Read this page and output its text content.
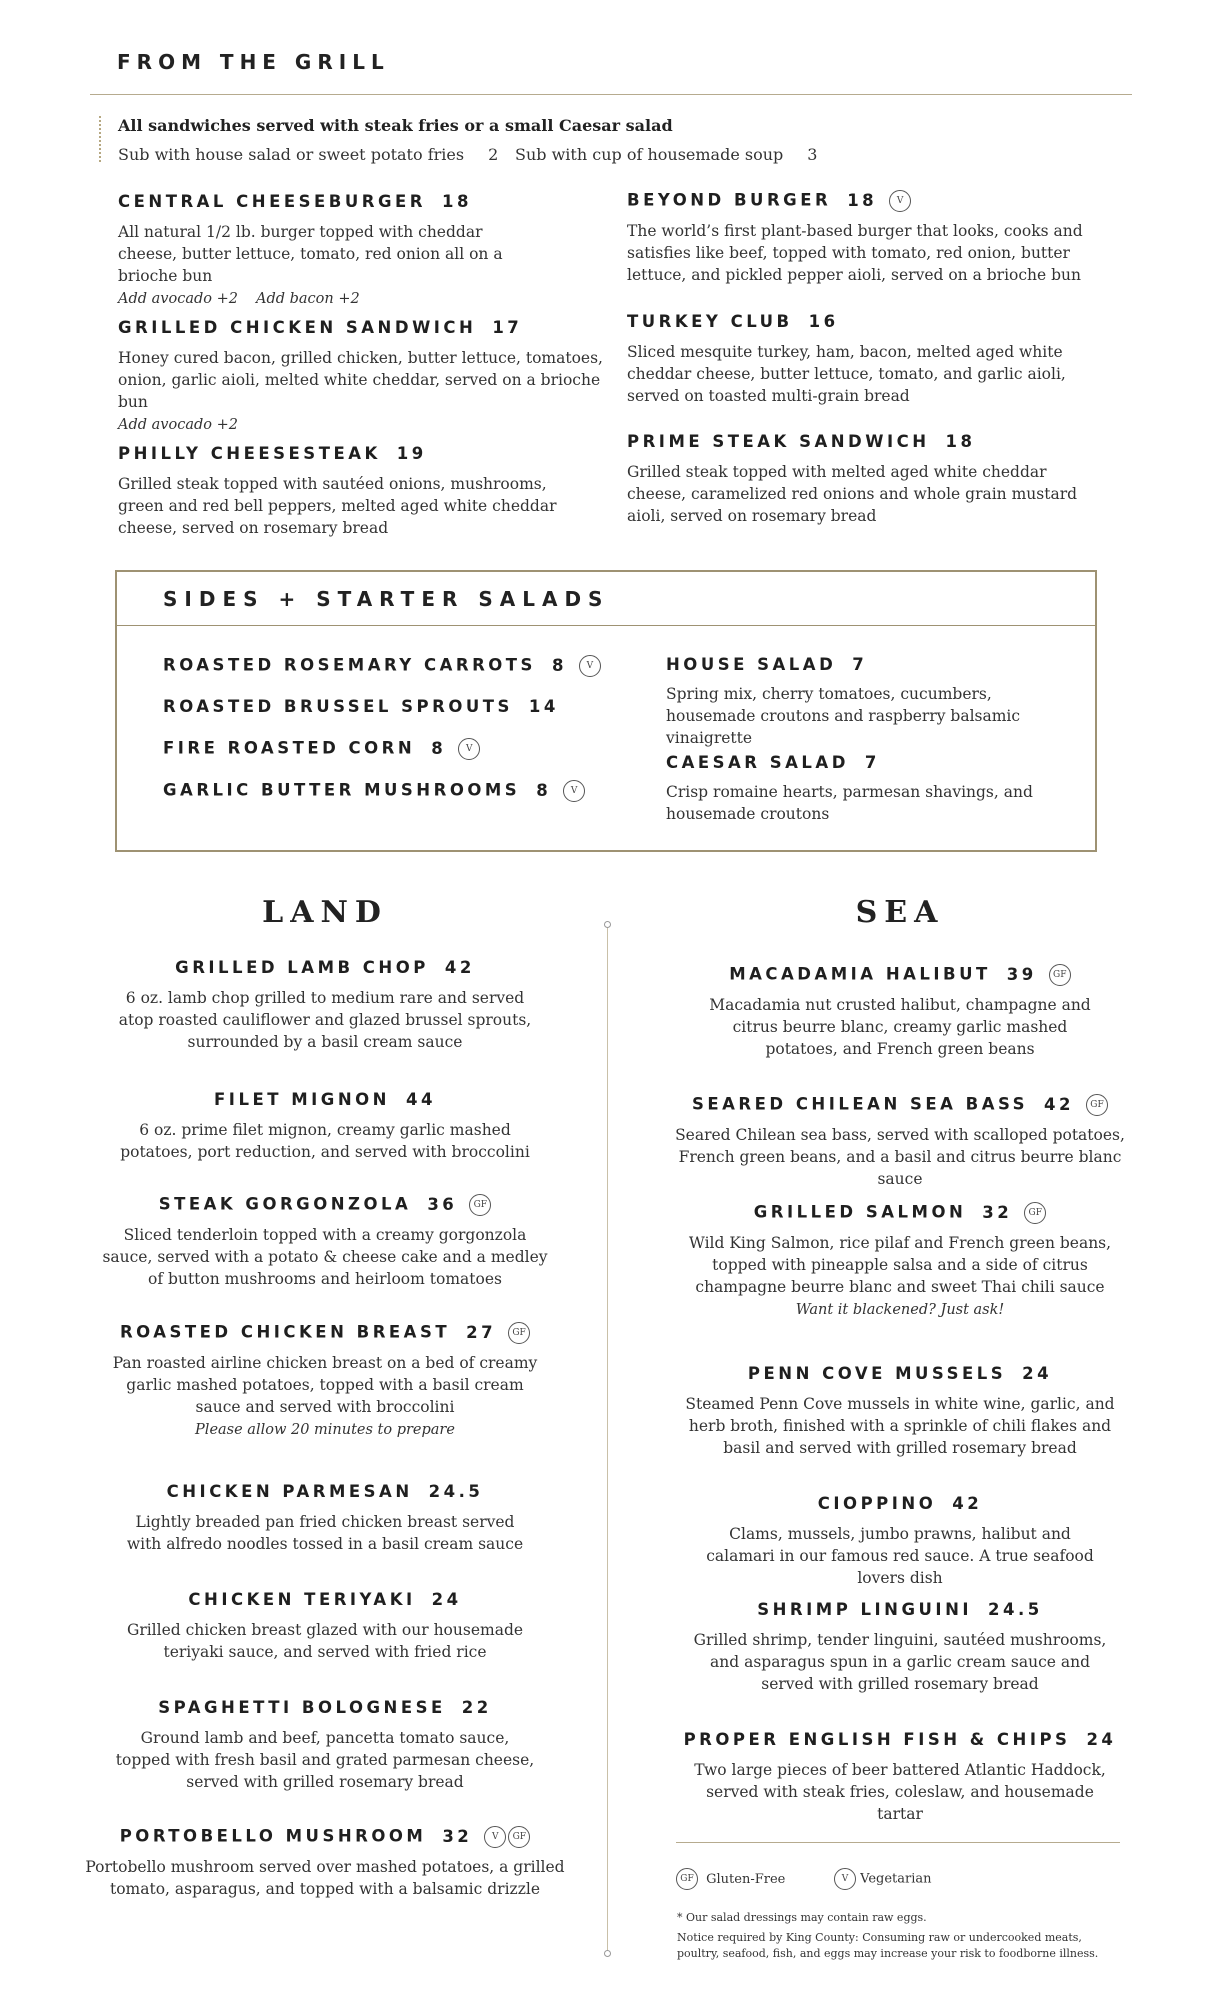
FROM THE GRILL
All sandwiches served with steak fries or a small Caesar salad
Sub with house salad or sweet potato fries 2 Sub with cup of housemade soup 3
CENTRAL CHEESEBURGER 18
All natural 1/2 lb. burger topped with cheddar cheese, butter lettuce, tomato, red onion all on a brioche bun
Add avocado +2 Add bacon +2
GRILLED CHICKEN SANDWICH 17
Honey cured bacon, grilled chicken, butter lettuce, tomatoes, onion, garlic aioli, melted white cheddar, served on a brioche bun
Add avocado +2
PHILLY CHEESESTEAK 19
Grilled steak topped with sautéed onions, mushrooms, green and red bell peppers, melted aged white cheddar cheese, served on rosemary bread
BEYOND BURGER 18 V
The world’s first plant-based burger that looks, cooks and satisfies like beef, topped with tomato, red onion, butter lettuce, and pickled pepper aioli, served on a brioche bun
TURKEY CLUB 16
Sliced mesquite turkey, ham, bacon, melted aged white cheddar cheese, butter lettuce, tomato, and garlic aioli, served on toasted multi-grain bread
PRIME STEAK SANDWICH 18
Grilled steak topped with melted aged white cheddar cheese, caramelized red onions and whole grain mustard aioli, served on rosemary bread
SIDES + STARTER SALADS
ROASTED ROSEMARY CARROTS 8 V
ROASTED BRUSSEL SPROUTS 14
FIRE ROASTED CORN 8 V
GARLIC BUTTER MUSHROOMS 8 V
HOUSE SALAD 7
Spring mix, cherry tomatoes, cucumbers, housemade croutons and raspberry balsamic vinaigrette
CAESAR SALAD 7
Crisp romaine hearts, parmesan shavings, and housemade croutons
LAND
GRILLED LAMB CHOP 42
6 oz. lamb chop grilled to medium rare and served atop roasted cauliflower and glazed brussel sprouts, surrounded by a basil cream sauce
FILET MIGNON 44
6 oz. prime filet mignon, creamy garlic mashed potatoes, port reduction, and served with broccolini
STEAK GORGONZOLA 36 GF
Sliced tenderloin topped with a creamy gorgonzola sauce, served with a potato & cheese cake and a medley of button mushrooms and heirloom tomatoes
ROASTED CHICKEN BREAST 27 GF
Pan roasted airline chicken breast on a bed of creamy garlic mashed potatoes, topped with a basil cream sauce and served with broccolini
Please allow 20 minutes to prepare
CHICKEN PARMESAN 24.5
Lightly breaded pan fried chicken breast served with alfredo noodles tossed in a basil cream sauce
CHICKEN TERIYAKI 24
Grilled chicken breast glazed with our housemade teriyaki sauce, and served with fried rice
SPAGHETTI BOLOGNESE 22
Ground lamb and beef, pancetta tomato sauce, topped with fresh basil and grated parmesan cheese, served with grilled rosemary bread
PORTOBELLO MUSHROOM 32 V GF
Portobello mushroom served over mashed potatoes, a grilled tomato, asparagus, and topped with a balsamic drizzle
SEA
MACADAMIA HALIBUT 39 GF
Macadamia nut crusted halibut, champagne and citrus beurre blanc, creamy garlic mashed potatoes, and French green beans
SEARED CHILEAN SEA BASS 42 GF
Seared Chilean sea bass, served with scalloped potatoes, French green beans, and a basil and citrus beurre blanc sauce
GRILLED SALMON 32 GF
Wild King Salmon, rice pilaf and French green beans, topped with pineapple salsa and a side of citrus champagne beurre blanc and sweet Thai chili sauce
Want it blackened? Just ask!
PENN COVE MUSSELS 24
Steamed Penn Cove mussels in white wine, garlic, and herb broth, finished with a sprinkle of chili flakes and basil and served with grilled rosemary bread
CIOPPINO 42
Clams, mussels, jumbo prawns, halibut and calamari in our famous red sauce. A true seafood lovers dish
SHRIMP LINGUINI 24.5
Grilled shrimp, tender linguini, sautéed mushrooms, and asparagus spun in a garlic cream sauce and served with grilled rosemary bread
PROPER ENGLISH FISH & CHIPS 24
Two large pieces of beer battered Atlantic Haddock, served with steak fries, coleslaw, and housemade tartar
GF Gluten-Free	V Vegetarian
* Our salad dressings may contain raw eggs.
Notice required by King County: Consuming raw or undercooked meats, poultry, seafood, fish, and eggs may increase your risk to foodborne illness.
